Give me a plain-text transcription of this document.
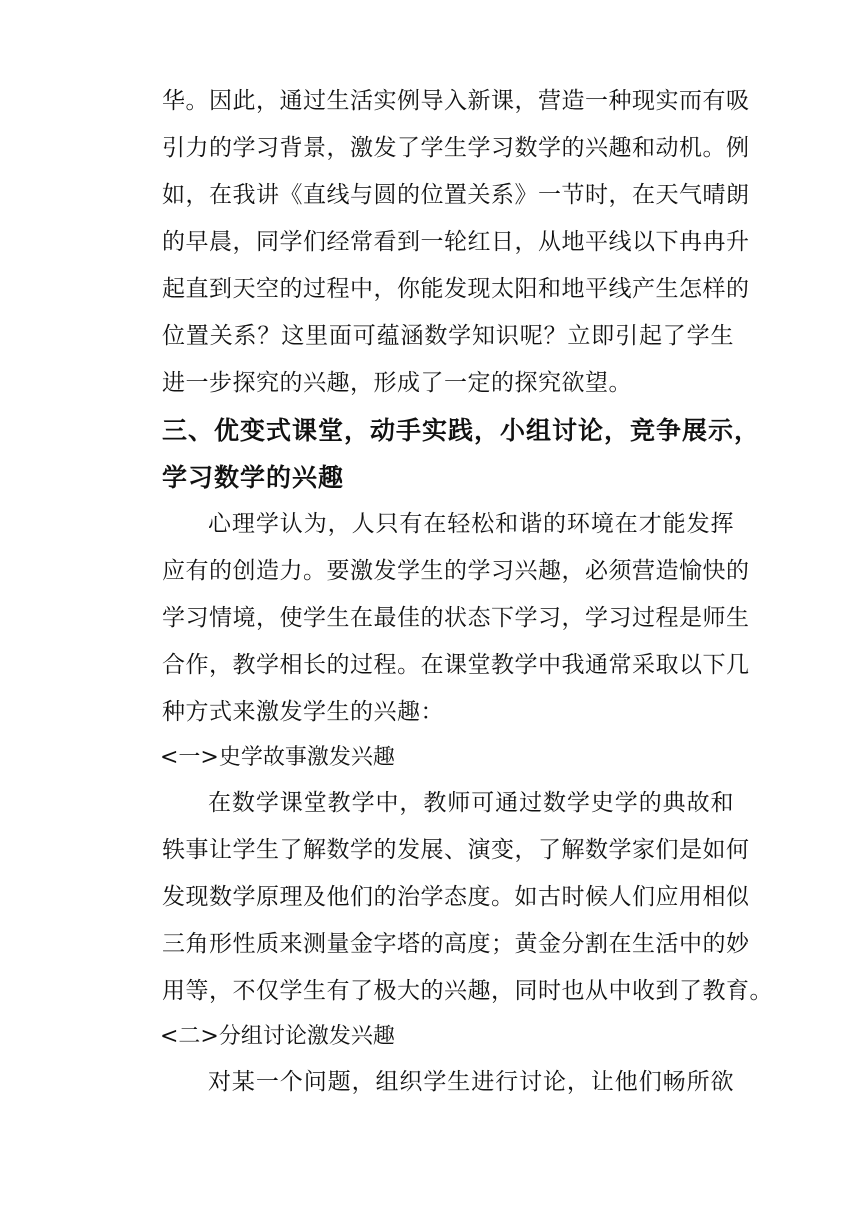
华。因此，通过生活实例导入新课，营造一种现实而有吸
引力的学习背景，激发了学生学习数学的兴趣和动机。例
如，在我讲《直线与圆的位置关系》一节时，在天气晴朗
的早晨，同学们经常看到一轮红日，从地平线以下冉冉升
起直到天空的过程中，你能发现太阳和地平线产生怎样的
位置关系？这里面可蕴涵数学知识呢？立即引起了学生
进一步探究的兴趣，形成了一定的探究欲望。
三、优变式课堂，动手实践，小组讨论，竞争展示，
学习数学的兴趣
心理学认为，人只有在轻松和谐的环境在才能发挥
应有的创造力。要激发学生的学习兴趣，必须营造愉快的
学习情境，使学生在最佳的状态下学习，学习过程是师生
合作，教学相长的过程。在课堂教学中我通常采取以下几
种方式来激发学生的兴趣：
<一>史学故事激发兴趣
在数学课堂教学中，教师可通过数学史学的典故和
轶事让学生了解数学的发展、演变，了解数学家们是如何
发现数学原理及他们的治学态度。如古时候人们应用相似
三角形性质来测量金字塔的高度；黄金分割在生活中的妙
用等，不仅学生有了极大的兴趣，同时也从中收到了教育。
<二>分组讨论激发兴趣
对某一个问题，组织学生进行讨论，让他们畅所欲
